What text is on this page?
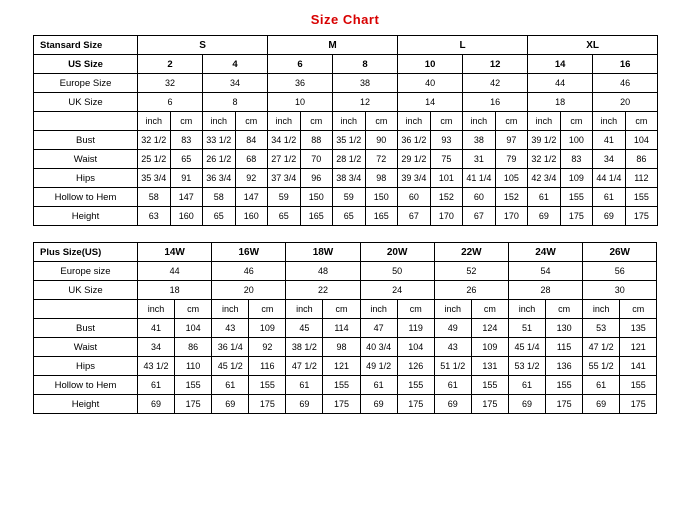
Size Chart
Stansard Size	S				M				L				XL			
US Size	2		4		6		8		10		12		14		16	
Europe Size	32		34		36		38		40		42		44		46	
UK Size	6		8		10		12		14		16		18		20	
	inch	cm	inch	cm	inch	cm	inch	cm	inch	cm	inch	cm	inch	cm	inch	cm
Bust	32 1/2	83	33 1/2	84	34 1/2	88	35 1/2	90	36 1/2	93	38	97	39 1/2	100	41	104
Waist	25 1/2	65	26 1/2	68	27 1/2	70	28 1/2	72	29 1/2	75	31	79	32 1/2	83	34	86
Hips	35 3/4	91	36 3/4	92	37 3/4	96	38 3/4	98	39 3/4	101	41 1/4	105	42 3/4	109	44 1/4	112
Hollow to Hem	58	147	58	147	59	150	59	150	60	152	60	152	61	155	61	155
Height	63	160	65	160	65	165	65	165	67	170	67	170	69	175	69	175
Plus Size(US)	14W		16W		18W		20W		22W		24W		26W	
Europe size	44		46		48		50		52		54		56	
UK Size	18		20		22		24		26		28		30	
	inch	cm	inch	cm	inch	cm	inch	cm	inch	cm	inch	cm	inch	cm
Bust	41	104	43	109	45	114	47	119	49	124	51	130	53	135
Waist	34	86	36 1/4	92	38 1/2	98	40 3/4	104	43	109	45 1/4	115	47 1/2	121
Hips	43 1/2	110	45 1/2	116	47 1/2	121	49 1/2	126	51 1/2	131	53 1/2	136	55 1/2	141
Hollow to Hem	61	155	61	155	61	155	61	155	61	155	61	155	61	155
Height	69	175	69	175	69	175	69	175	69	175	69	175	69	175
